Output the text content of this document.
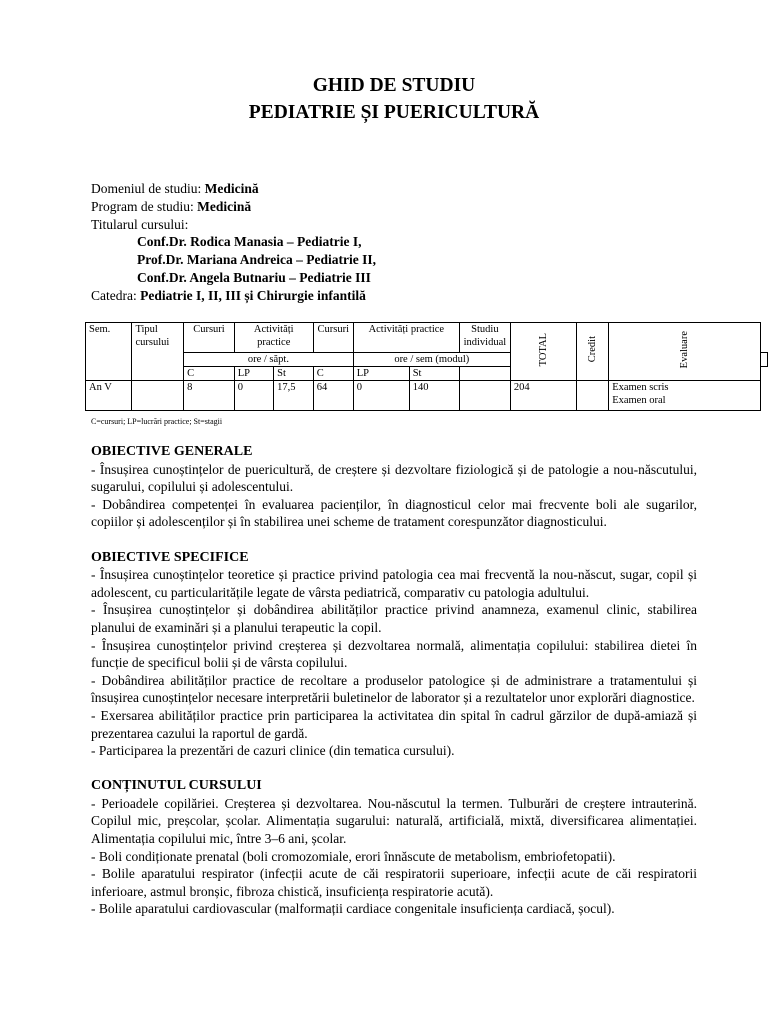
GHID DE STUDIU
PEDIATRIE ȘI PUERICULTURĂ
Domeniul de studiu: Medicină
Program de studiu: Medicină
Titularul cursului:
Conf.Dr. Rodica Manasia – Pediatrie I,
Prof.Dr. Mariana Andreica – Pediatrie II,
Conf.Dr. Angela Butnariu – Pediatrie III
Catedra: Pediatrie I, II, III și Chirurgie infantilă
Sem.	Tipul cursului	Cursuri	Activități practice		Cursuri	Activități practice		Studiu individual	TOTAL	Credit	Evaluare	
		ore / săpt.				ore / sem (modul)						
		C	LP	St	C	LP	St					
An V		8	0	17,5	64	0	140		204		Examen scris
Examen oral	
C=cursuri; LP=lucrări practice; St=stagii
OBIECTIVE GENERALE

- Însușirea cunoștințelor de puericultură, de creștere și dezvoltare fiziologică și de patologie a nou-născutului, sugarului, copilului și adolescentului.

- Dobândirea competenței în evaluarea pacienților, în diagnosticul celor mai frecvente boli ale sugarilor, copiilor și adolescenților și în stabilirea unei scheme de tratament corespunzător diagnosticului.

OBIECTIVE SPECIFICE

- Însușirea cunoștințelor teoretice și practice privind patologia cea mai frecventă la nou-născut, sugar, copil și adolescent, cu particularitățile legate de vârsta pediatrică, comparativ cu patologia adultului.

- Însușirea cunoștințelor și dobândirea abilităților practice privind anamneza, examenul clinic, stabilirea planului de examinări și a planului terapeutic la copil.

- Însușirea cunoștințelor privind creșterea și dezvoltarea normală, alimentația copilului: stabilirea dietei în funcție de specificul bolii și de vârsta copilului.

- Dobândirea abilităților practice de recoltare a produselor patologice și de administrare a tratamentului și însușirea cunoștințelor necesare interpretării buletinelor de laborator și a rezultatelor unor explorări diagnostice.

- Exersarea abilităților practice prin participarea la activitatea din spital în cadrul gărzilor de după-amiază și prezentarea cazului la raportul de gardă.

- Participarea la prezentări de cazuri clinice (din tematica cursului).

CONȚINUTUL CURSULUI

- Perioadele copilăriei. Creșterea și dezvoltarea. Nou-născutul la termen. Tulburări de creștere intrauterină. Copilul mic, preșcolar, școlar. Alimentația sugarului: naturală, artificială, mixtă, diversificarea alimentației. Alimentația copilului mic, între 3–6 ani, școlar.

- Boli condiționate prenatal (boli cromozomiale, erori înnăscute de metabolism, embriofetopatii).

- Bolile aparatului respirator (infecții acute de căi respiratorii superioare, infecții acute de căi respiratorii inferioare, astmul bronșic, fibroza chistică, insuficiența respiratorie acută).

- Bolile aparatului cardiovascular (malformații cardiace congenitale insuficiența cardiacă, șocul).
